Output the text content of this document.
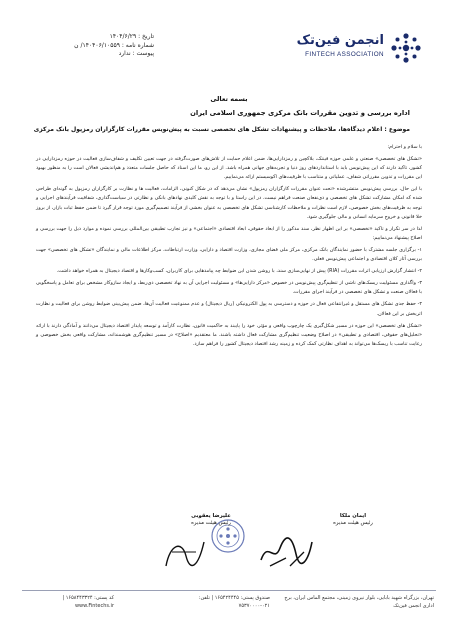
تاریخ : ۱۴۰۴/۶/۲۹
شماره نامه : ۱۴۰۴۰۶/۱۰۵۵۹/ ن
پیوست : ندارد
انجمن فین‌تک
FINTECH ASSOCIATION
بسمه تعالی
اداره بررسی و تدوین مقررات بانک مرکزی جمهوری اسلامی ایران
موضوع : اعلام دیدگاه‌ها، ملاحظات و پیشنهادات تشکل های تخصصی نسبت به پیش‌نویس مقررات کارگزاران رمزپول بانک مرکزی

با سلام و احترام:

«تشکل های تخصصی» صنعتی و علمی حوزه فینتک، بلاکچین و رمزدارایی‌ها، ضمن اعلام حمایت از تلاش‌های صورت‌گرفته در جهت تعیین تکلیف و شفاف‌سازی فعالیت در حوزه رمزدارایی در کشور، تاکید دارند که این پیش‌نویس باید با استانداردهای روز دنیا و تجربه‌های جهانی همراه باشد. از این رو، ما این اسناد که حاصل جلسات متعدد و هم‌اندیشی فعالان است را به منظور بهبود این مقررات و تدوین مقرراتی شفاف، عملیاتی و متناسب با ظرفیت‌های اکوسیستم ارائه می‌نماییم.

با این حال، بررسی پیش‌نویس منتشرشده «تحت عنوان مقررات کارگزاران رمزپول» نشان می‌دهد که در شکل کنونی، الزامات، فعالیت ها و نظارت بر کارگزاران رمزپول به گونه‌ای طراحی شده که امکان مشارکت تشکل های تخصصی و ذی‌نفعان صنعت فراهم نیست. در این راستا و با توجه به نقش کلیدی نهادهای بانکی و نظارتی در سیاست‌گذاری، شفافیت فرآیندهای اجرایی و توجه به ظرفیت‌های بخش خصوصی، لازم است نظرات و ملاحظات کارشناسی تشکل های تخصصی به عنوان بخشی از فرآیند تصمیم‌گیری مورد توجه قرار گیرد تا ضمن حفظ ثبات بازار، از بروز خلا قانونی و خروج سرمایه انسانی و مالی جلوگیری شود.

لذا در سر تکرار و تاکید «تخصصی» بر این اظهار نظر، سند مذکور را از ابعاد حقوقی، ابعاد اقتصادی «اجتماعی» و نیز تجارب تطبیقی بین‌المللی بررسی نموده و موارد ذیل را جهت بررسی و اصلاح پیشنهاد می‌نماییم:

۱- برگزاری جلسه مشترک با حضور نمایندگان بانک مرکزی، مرکز ملی فضای مجازی، وزارت اقتصاد و دارایی، وزارت ارتباطات، مرکز اطلاعات مالی و نمایندگان «تشکل های تخصصی» جهت بررسی آثار کلان اقتصادی و اجتماعی پیش‌نویس فعلی.

۲- انتشار گزارش ارزیابی اثرات مقررات (RIA) پیش از نهایی‌سازی سند، با روشن شدن این ضوابط چه پیامدهایی برای کاربران، کسب‌وکارها و اقتصاد دیجیتال به همراه خواهد داشت.

۳- واگذاری مسئولیت ریسک‌های ناشی از تنظیم‌گری پیش‌نویس در خصوص «مرکز دارایی‌ها» و مسئولیت اجرایی آن به نهاد تخصصی ذی‌ربط، و ایجاد سازوکار مشخص برای تعامل و پاسخگویی با فعالان صنعت و تشکل های تخصصی در فرآیند اجرای مقررات.

۴- حفظ جدی تشکل های مستقل و غیرانتفاعی فعال در حوزه و دسترسی به پول الکترونیکی (ریال دیجیتال) و عدم ممنوعیت فعالیت آن‌ها، ضمن پیش‌بینی ضوابط روشن برای فعالیت و نظارت اثربخش بر این فعالان.

«تشکل های تخصصی» این حوزه در مسیر شکل‌گیری یک چارچوب واقعی و مؤثر، خود را پایبند به حاکمیت قانون، نظارت کارآمد و توسعه پایدار اقتصاد دیجیتال می‌دانند و آمادگی دارند با ارائه «تحلیل‌های حقوقی، اقتصادی و تطبیقی» در اصلاح وضعیت تنظیم‌گری مشارکت فعال داشته باشند. ما معتقدیم «اصلاح» در مسیر تنظیم‌گری هوشمندانه، مشارکت واقعی بخش خصوصی و رعایت تناسب با ریسک‌ها می‌تواند به اهداف نظارتی کمک کرده و زمینه رشد اقتصاد دیجیتال کشور را فراهم سازد.

ایمان ملکا
رئیس هیئت مدیره
علیرضا یعقوبی
رئیس هیئت مدیره
تهران، بزرگراه شهید بابایی، بلوار نیروی زمینی، مجتمع الماس ایران، برج اداری انجمن فین‌تک
صندوق پستی: ۱۶۵۴۲۴۴۴۵ | تلفن: ۰۲۱-۷۵۳۷۰۰۰۰
کد پستی: ۱۶۵۸۴۴۳۳۲۴ | www.Fintechs.ir
